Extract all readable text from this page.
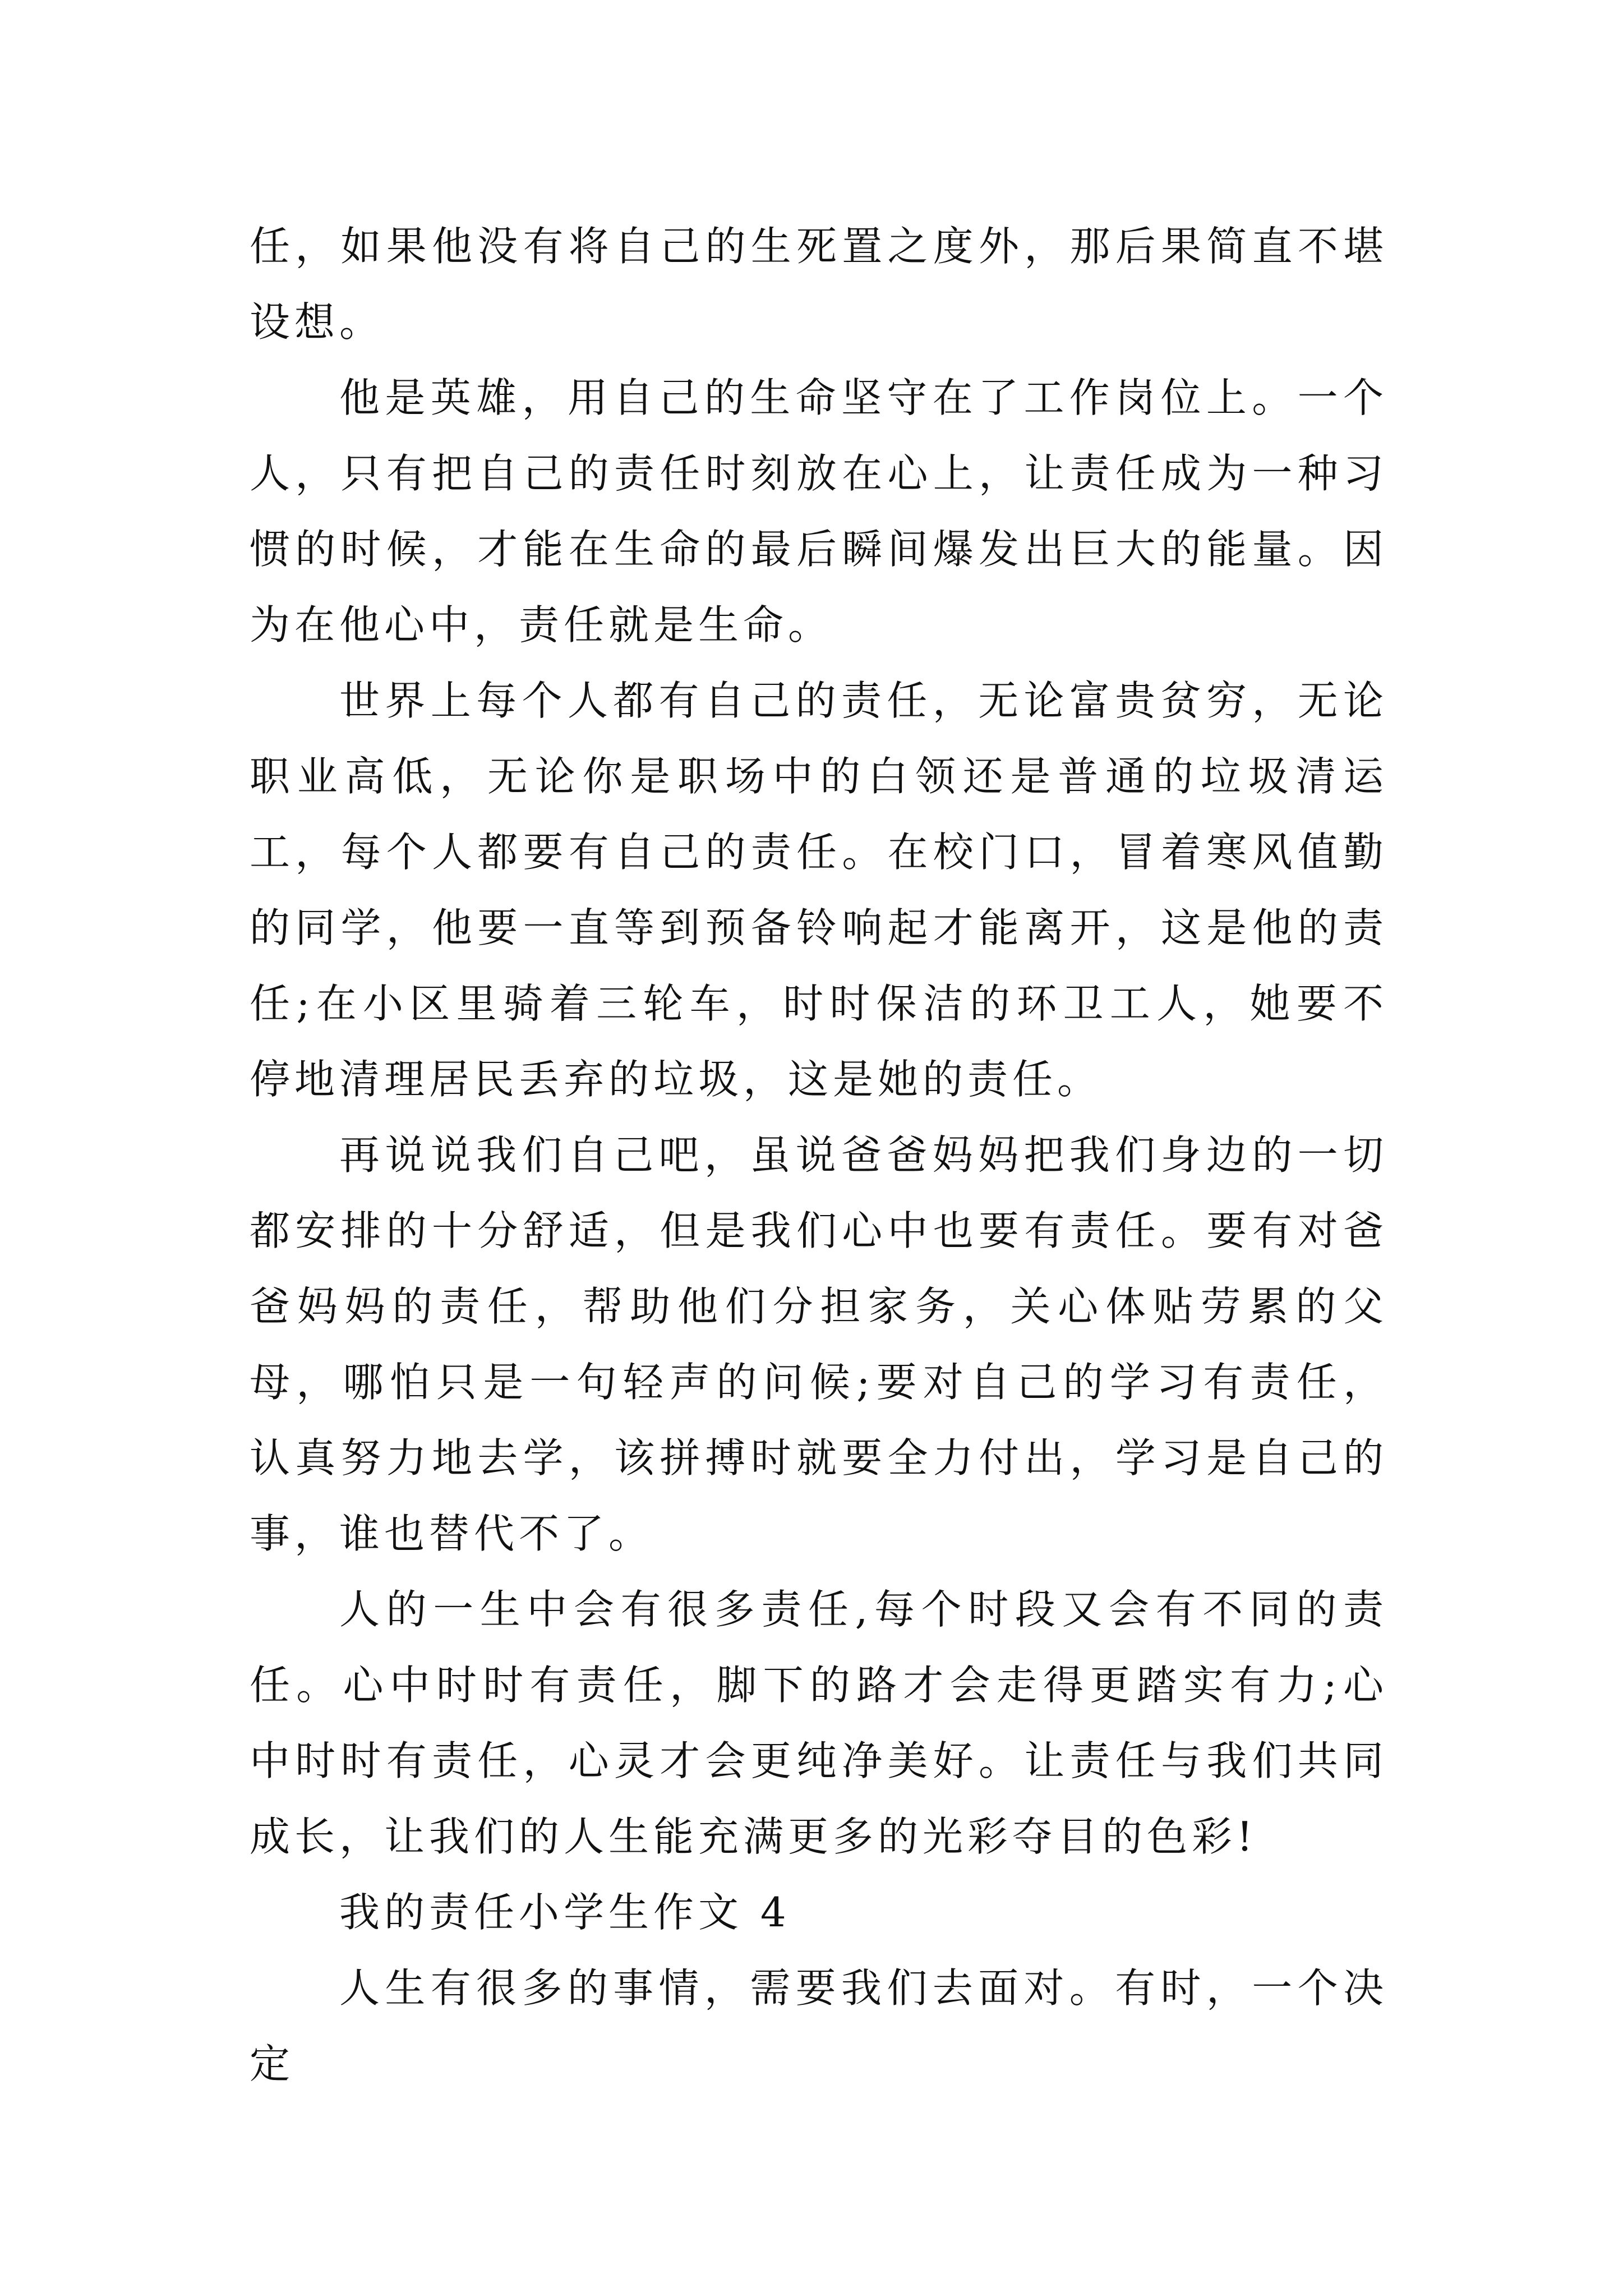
任，如果他没有将自己的生死置之度外，那后果简直不堪设想。

他是英雄，用自己的生命坚守在了工作岗位上。一个人，只有把自己的责任时刻放在心上，让责任成为一种习惯的时候，才能在生命的最后瞬间爆发出巨大的能量。因为在他心中，责任就是生命。

世界上每个人都有自己的责任，无论富贵贫穷，无论职业高低，无论你是职场中的白领还是普通的垃圾清运工，每个人都要有自己的责任。在校门口，冒着寒风值勤的同学，他要一直等到预备铃响起才能离开，这是他的责任;在小区里骑着三轮车，时时保洁的环卫工人，她要不停地清理居民丢弃的垃圾，这是她的责任。

再说说我们自己吧，虽说爸爸妈妈把我们身边的一切都安排的十分舒适，但是我们心中也要有责任。要有对爸爸妈妈的责任，帮助他们分担家务，关心体贴劳累的父母，哪怕只是一句轻声的问候;要对自己的学习有责任，认真努力地去学，该拼搏时就要全力付出，学习是自己的事，谁也替代不了。

人的一生中会有很多责任,每个时段又会有不同的责任。心中时时有责任，脚下的路才会走得更踏实有力;心中时时有责任，心灵才会更纯净美好。让责任与我们共同成长，让我们的人生能充满更多的光彩夺目的色彩!

我的责任小学生作文 4

人生有很多的事情，需要我们去面对。有时，一个决定
